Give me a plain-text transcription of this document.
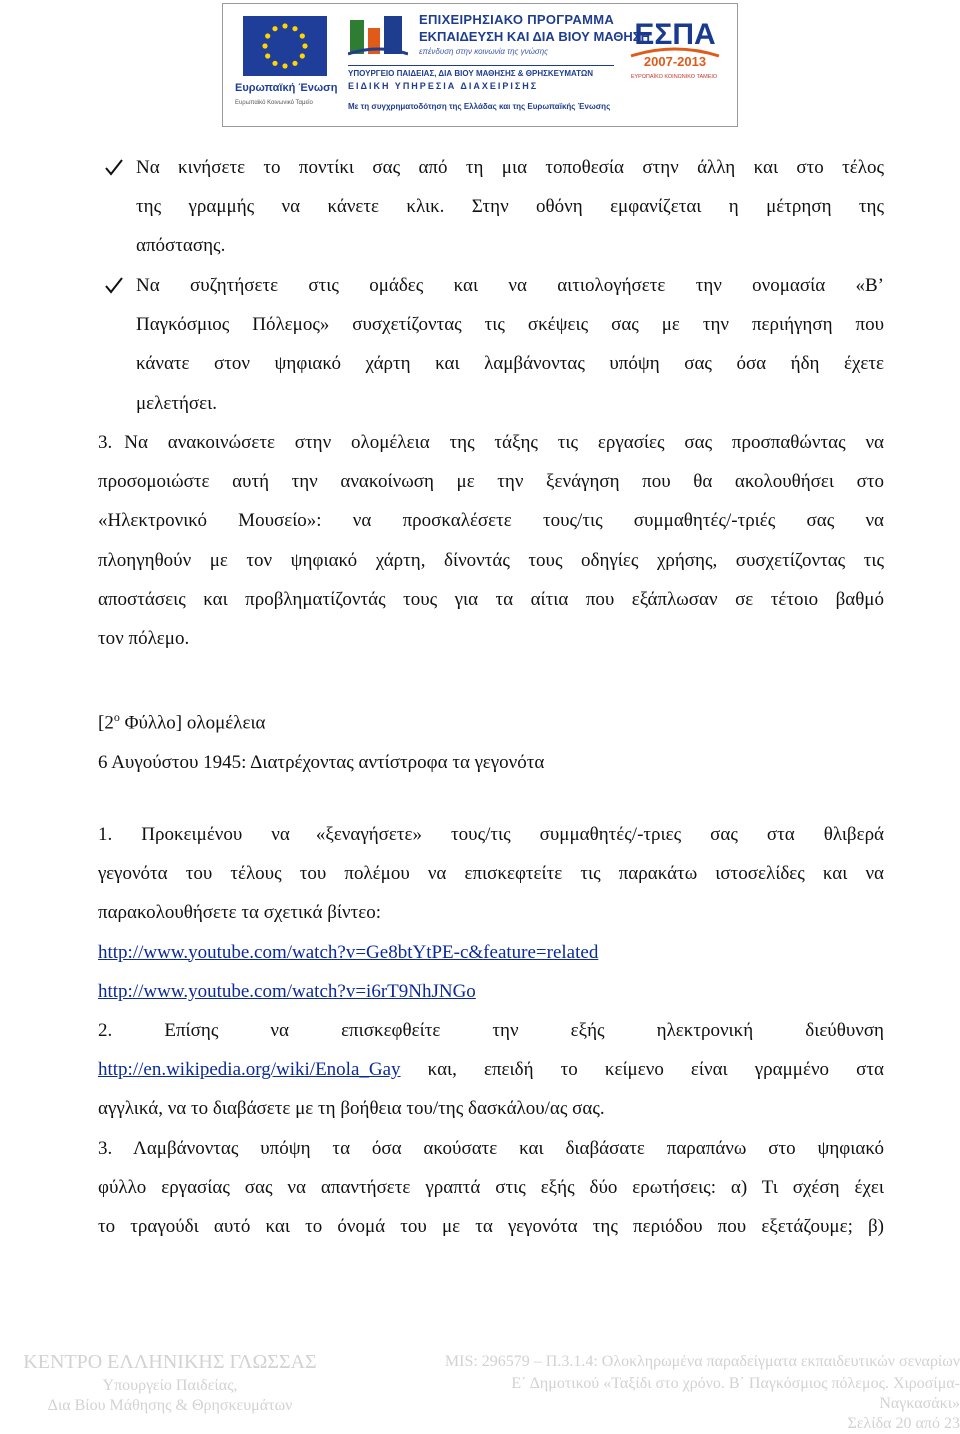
Ευρωπαϊκή Ένωση
Ευρωπαϊκό Κοινωνικό Ταμείο
ΕΠΙΧΕΙΡΗΣΙΑΚΟ ΠΡΟΓΡΑΜΜΑ
ΕΚΠΑΙΔΕΥΣΗ ΚΑΙ ΔΙΑ ΒΙΟΥ ΜΑΘΗΣΗ
επένδυση στην κοινωνία της γνώσης
ΥΠΟΥΡΓΕΙΟ ΠΑΙΔΕΙΑΣ, ΔΙΑ ΒΙΟΥ ΜΑΘΗΣΗΣ & ΘΡΗΣΚΕΥΜΑΤΩΝ
ΕΙΔΙΚΗ ΥΠΗΡΕΣΙΑ ΔΙΑΧΕΙΡΙΣΗΣ
ΕΣΠΑ
2007-2013
ΕΥΡΩΠΑΪΚΟ ΚΟΙΝΩΝΙΚΟ ΤΑΜΕΙΟ
Με τη συγχρηματοδότηση της Ελλάδας και της Ευρωπαϊκής Ένωσης
Να κινήσετε το ποντίκι σας από τη μια τοποθεσία στην άλλη και στο τέλος
της γραμμής να κάνετε κλικ. Στην οθόνη εμφανίζεται η μέτρηση της
απόστασης.
Να συζητήσετε στις ομάδες και να αιτιολογήσετε την ονομασία «Β’
Παγκόσμιος Πόλεμος» συσχετίζοντας τις σκέψεις σας με την περιήγηση που
κάνατε στον ψηφιακό χάρτη και λαμβάνοντας υπόψη σας όσα ήδη έχετε
μελετήσει.
3. Να ανακοινώσετε στην ολομέλεια της τάξης τις εργασίες σας προσπαθώντας να
προσομοιώστε αυτή την ανακοίνωση με την ξενάγηση που θα ακολουθήσει στο
«Ηλεκτρονικό Μουσείο»: να προσκαλέσετε τους/τις συμμαθητές/-τριές σας να
πλοηγηθούν με τον ψηφιακό χάρτη, δίνοντάς τους οδηγίες χρήσης, συσχετίζοντας τις
αποστάσεις και προβληματίζοντάς τους για τα αίτια που εξάπλωσαν σε τέτοιο βαθμό
τον πόλεμο.
[$2^o$ Φύλλο] ολομέλεια
6 Αυγούστου 1945: Διατρέχοντας αντίστροφα τα γεγονότα
1. Προκειμένου να «ξεναγήσετε» τους/τις συμμαθητές/-τριες σας στα θλιβερά
γεγονότα του τέλους του πολέμου να επισκεφτείτε τις παρακάτω ιστοσελίδες και να
παρακολουθήσετε τα σχετικά βίντεο:
http://www.youtube.com/watch?v=Ge8btYtPE-c&feature=related
http://www.youtube.com/watch?v=i6rT9NhJNGo
2. Επίσης να επισκεφθείτε την εξής ηλεκτρονική διεύθυνση
http://en.wikipedia.org/wiki/Enola_Gay και, επειδή το κείμενο είναι γραμμένο στα
αγγλικά, να το διαβάσετε με τη βοήθεια του/της δασκάλου/ας σας.
3. Λαμβάνοντας υπόψη τα όσα ακούσατε και διαβάσατε παραπάνω στο ψηφιακό
φύλλο εργασίας σας να απαντήσετε γραπτά στις εξής δύο ερωτήσεις: α) Τι σχέση έχει
το τραγούδι αυτό και το όνομά του με τα γεγονότα της περιόδου που εξετάζουμε; β)
ΚΕΝΤΡΟ ΕΛΛΗΝΙΚΗΣ ΓΛΩΣΣΑΣ
Υπουργείο Παιδείας,
Δια Βίου Μάθησης & Θρησκευμάτων
MIS: 296579 – Π.3.1.4: Ολοκληρωμένα παραδείγματα εκπαιδευτικών σεναρίων
Ε΄ Δημοτικού «Ταξίδι στο χρόνο. Β΄ Παγκόσμιος πόλεμος. Χιροσίμα-
Ναγκασάκι»
Σελίδα 20 από 23
